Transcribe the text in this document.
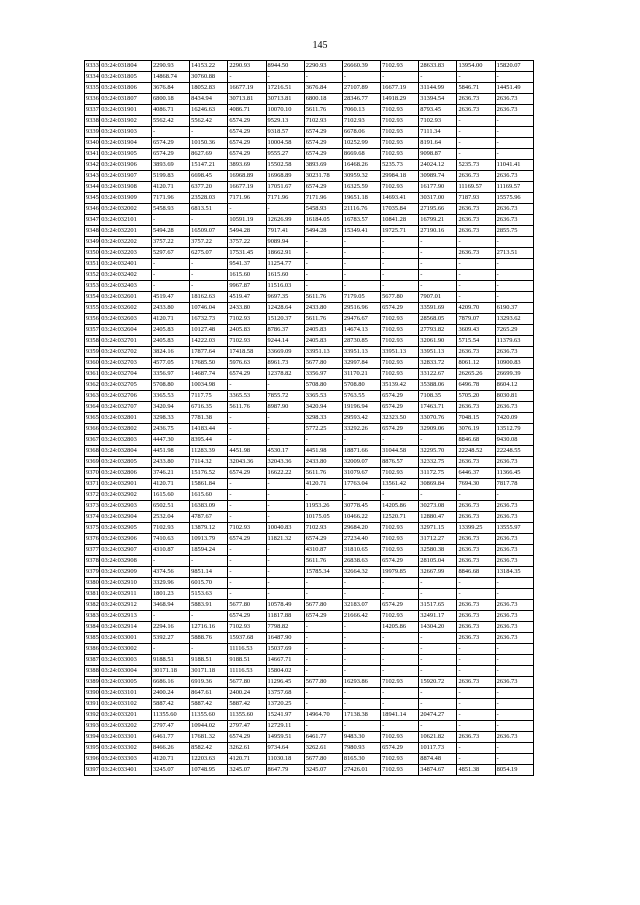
145
9333	03:24:031804	2290.93	14153.22	2290.93	8944.50	2290.93	26660.39	7102.93	28633.83	13954.00	15820.07
9334	03:24:031805	14868.74	30760.88	-	-	-	-	-	-	-	-
9335	03:24:031806	3676.84	18052.83	16677.19	17216.51	3676.84	27107.89	16677.19	31144.99	5846.71	14451.49
9336	03:24:031807	6800.18	8434.94	30713.81	30713.81	6800.18	28346.77	14918.29	31394.54	2636.73	2636.73
9337	03:24:031901	4086.71	16246.63	4086.71	10070.10	5611.76	7060.13	7102.93	8793.45	2636.73	2636.73
9338	03:24:031902	5562.42	5562.42	6574.29	9529.13	7102.93	7102.93	7102.93	7102.93	-	-
9339	03:24:031903	-	-	6574.29	9318.57	6574.29	6678.06	7102.93	7111.34	-	-
9340	03:24:031904	6574.29	10150.36	6574.29	10004.58	6574.29	10252.99	7102.93	8191.64	-	-
9341	03:24:031905	6574.29	8627.69	6574.29	9555.27	6574.29	8669.68	7102.93	9098.87	-	-
9342	03:24:031906	3893.69	15147.21	3893.69	15502.58	3893.69	16468.26	5235.73	24024.12	5235.73	11041.41
9343	03:24:031907	5199.83	6698.45	16968.89	16968.89	30231.78	30959.32	29984.18	30989.74	2636.73	2636.73
9344	03:24:031908	4120.71	6377.20	16677.19	17051.67	6574.29	16325.59	7102.93	16177.90	11169.57	11169.57
9345	03:24:031909	7171.96	23528.03	7171.96	7171.96	7171.96	19651.18	14693.41	30317.00	7187.93	15575.96
9346	03:24:032002	5458.93	6813.51	-	-	5458.93	21116.76	17035.84	27195.66	2636.73	2636.73
9347	03:24:032101	-	-	10591.19	12626.99	16184.05	16783.57	10841.28	16799.21	2636.73	2636.73
9348	03:24:032201	5494.28	16509.07	5494.28	7917.41	5494.28	15349.41	19725.71	27190.16	2636.73	2855.75
9349	03:24:032202	3757.22	3757.22	3757.22	9089.94	-	-	-	-	-	-
9350	03:24:032203	5297.67	6275.07	17531.45	18662.91	-	-	-	-	2636.73	2713.51
9351	03:24:032401	-	-	9541.37	11254.77	-	-	-	-	-	-
9352	03:24:032402	-	-	1615.60	1615.60	-	-	-	-	-	-
9353	03:24:032403	-	-	9967.87	11516.03	-	-	-	-	-	-
9354	03:24:032601	4519.47	18162.63	4519.47	9697.35	5611.76	7179.05	5677.80	7907.01	-	-
9355	03:24:032602	2433.80	10746.04	2433.80	12428.64	2433.80	29516.96	6574.29	33591.69	4209.70	6190.37
9356	03:24:032603	4120.71	16732.73	7102.93	15120.37	5611.76	29476.67	7102.93	28568.05	7879.07	13293.62
9357	03:24:032604	2405.83	10127.48	2405.83	8786.37	2405.83	14674.13	7102.93	27793.82	3609.43	7265.29
9358	03:24:032701	2405.83	14222.03	7102.93	9244.14	2405.83	28730.85	7102.93	32061.90	5715.54	11379.63
9359	03:24:032702	3824.16	17877.64	17418.58	33669.09	33951.13	33951.13	33951.13	33951.13	2636.73	2636.73
9360	03:24:032703	4577.05	17685.50	5976.63	8961.73	5677.80	32997.84	7102.93	32833.72	8061.12	10900.83
9361	03:24:032704	3356.97	14687.74	6574.29	12378.82	3356.97	31170.21	7102.93	33122.67	26265.26	26699.39
9362	03:24:032705	5708.80	10034.98	-	-	5708.80	5708.80	35139.42	35388.06	6496.78	8604.12
9363	03:24:032706	3365.53	7117.75	3365.53	7855.72	3365.53	5763.55	6574.29	7108.35	5705.20	8030.81
9364	03:24:032707	3420.94	6716.35	5611.76	8987.90	3420.94	19196.94	6574.29	17463.71	2636.73	2636.73
9365	03:24:032801	3298.33	7781.38	-	-	3298.33	29593.42	32323.50	33070.76	7048.15	7420.09
9366	03:24:032802	2436.75	14183.44	-	-	5772.25	33292.26	6574.29	32909.06	3076.19	13512.79
9367	03:24:032803	4447.30	8395.44	-	-	-	-	-	-	8846.68	9430.08
9368	03:24:032804	4451.98	11283.39	4451.98	4530.17	4451.98	18871.66	31044.58	32295.70	22248.52	22248.55
9369	03:24:032805	2433.80	7114.32	32043.36	32043.36	2433.80	32009.07	8876.57	32332.75	2636.73	2636.73
9370	03:24:032806	3746.21	15176.52	6574.29	16622.22	5611.76	31079.67	7102.93	31172.75	6446.37	11366.45
9371	03:24:032901	4120.71	15861.84	-	-	4120.71	17763.04	13561.42	30869.84	7694.30	7817.78
9372	03:24:032902	1615.60	1615.60	-	-	-	-	-	-	-	-
9373	03:24:032903	6502.51	16383.09	-	-	11953.26	30778.45	14205.86	30273.08	2636.73	2636.73
9374	03:24:032904	2532.04	4787.67	-	-	10175.05	10466.22	12520.71	12880.47	2636.73	2636.73
9375	03:24:032905	7102.93	13879.12	7102.93	10040.83	7102.93	29684.20	7102.93	32971.15	13399.25	13555.97
9376	03:24:032906	7410.63	10913.79	6574.29	11821.32	6574.29	27234.40	7102.93	31712.27	2636.73	2636.73
9377	03:24:032907	4310.87	18594.24	-	-	4310.87	31810.65	7102.93	32580.38	2636.73	2636.73
9378	03:24:032908	-	-	-	-	5611.76	26838.63	6574.29	28105.04	2636.73	2636.73
9379	03:24:032909	4374.56	9851.14	-	-	15785.34	32664.32	19979.85	32667.99	8846.68	13184.35
9380	03:24:032910	3329.96	6015.70	-	-	-	-	-	-	-	-
9381	03:24:032911	1801.23	5153.63	-	-	-	-	-	-	-	-
9382	03:24:032912	3468.94	5883.91	5677.80	10578.49	5677.80	32183.07	6574.29	31517.65	2636.73	2636.73
9383	03:24:032913	-	-	6574.29	11817.88	6574.29	21666.42	7102.93	32491.17	2636.73	2636.73
9384	03:24:032914	2294.16	12716.16	7102.93	7798.82	-	-	14205.86	14304.20	2636.73	2636.73
9385	03:24:033001	5392.27	5888.76	15937.68	16487.90	-	-	-	-	2636.73	2636.73
9386	03:24:033002	-	-	11116.53	15037.69	-	-	-	-	-	-
9387	03:24:033003	9188.51	9188.51	9188.51	14667.71	-	-	-	-	-	-
9388	03:24:033004	30171.18	30171.18	11116.53	15804.02	-	-	-	-	-	-
9389	03:24:033005	6686.16	6919.36	5677.80	11296.45	5677.80	16293.86	7102.93	15920.72	2636.73	2636.73
9390	03:24:033101	2400.24	8647.61	2400.24	13757.68	-	-	-	-	-	-
9391	03:24:033102	5887.42	5887.42	5887.42	13720.25	-	-	-	-	-	-
9392	03:24:033201	11355.60	11355.60	11355.60	15241.97	14964.70	17138.38	18941.14	20474.27	-	-
9393	03:24:033202	2797.47	10944.02	2797.47	12729.11	-	-	-	-	-	-
9394	03:24:033301	6461.77	17681.32	6574.29	14959.51	6461.77	9483.30	7102.93	10621.82	2636.73	2636.73
9395	03:24:033302	8466.26	8582.42	3262.61	9734.64	3262.61	7980.93	6574.29	10117.73	-	-
9396	03:24:033303	4120.71	12203.63	4120.71	11030.18	5677.80	8165.30	7102.93	8874.48	-	-
9397	03:24:033401	3245.07	10748.95	3245.07	8647.79	3245.07	27426.01	7102.93	34874.67	4851.38	8054.19
